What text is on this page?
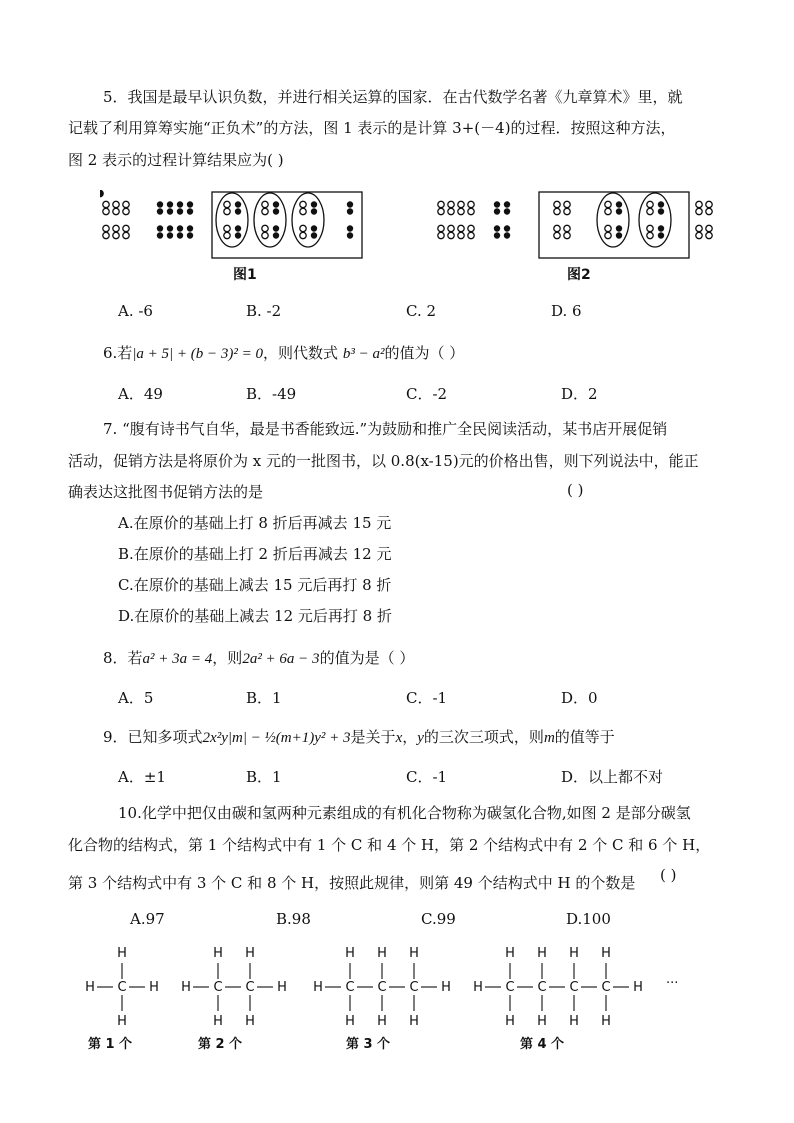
5．我国是最早认识负数，并进行相关运算的国家．在古代数学名著《九章算术》里，就
记载了利用算筹实施“正负术”的方法，图 1 表示的是计算 3+(－4)的过程．按照这种方法，
图 2 表示的过程计算结果应为( )
图1	图2
A. -6	B. -2	C. 2	D. 6
6.若|a + 5| + (b − 3)² = 0，则代数式 b³ − a²的值为（ ）
A．49	B．-49	C．-2	D．2
7. “腹有诗书气自华，最是书香能致远.”为鼓励和推广全民阅读活动，某书店开展促销
活动，促销方法是将原价为 x 元的一批图书，以 0.8(x-15)元的价格出售，则下列说法中，能正
确表达这批图书促销方法的是	( )
A.在原价的基础上打 8 折后再减去 15 元
B.在原价的基础上打 2 折后再减去 12 元
C.在原价的基础上减去 15 元后再打 8 折
D.在原价的基础上减去 12 元后再打 8 折
8．若a² + 3a = 4，则2a² + 6a − 3的值为是（ ）
A．5	B．1	C．-1	D．0
9．已知多项式2x²y|m| − ½(m+1)y² + 3是关于x，y的三次三项式，则m的值等于
A．±1	B．1	C．-1	D．以上都不对
10.化学中把仅由碳和氢两种元素组成的有机化合物称为碳氢化合物,如图 2 是部分碳氢
化合物的结构式，第 1 个结构式中有 1 个 C 和 4 个 H，第 2 个结构式中有 2 个 C 和 6 个 H，
第 3 个结构式中有 3 个 C 和 8 个 H，按照此规律，则第 49 个结构式中 H 的个数是 ( )
A.97	B.98	C.99	D.100
H C
H
H
H H C
H
H
C
H
H
H H C
H
H
C
H
H
C
H
H
H H C
H
H
C
H
H
C
H
H
C
H
H
H
第 1 个	第 2 个	第 3 个	第 4 个
···
